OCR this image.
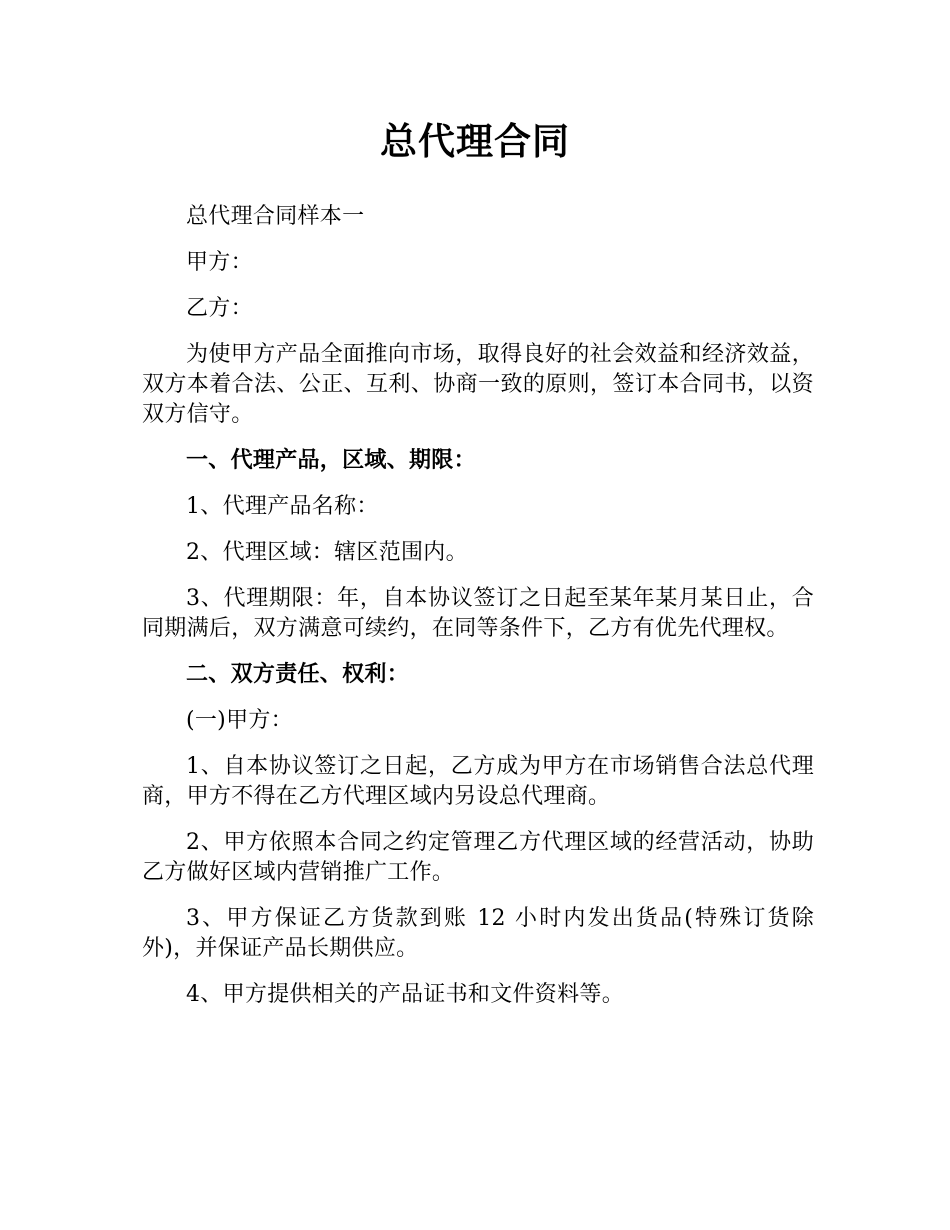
总代理合同

总代理合同样本一

甲方：

乙方：

为使甲方产品全面推向市场，取得良好的社会效益和经济效益，双方本着合法、公正、互利、协商一致的原则，签订本合同书，以资双方信守。

一、代理产品，区域、期限：

1、代理产品名称：

2、代理区域：辖区范围内。

3、代理期限：年，自本协议签订之日起至某年某月某日止，合同期满后，双方满意可续约，在同等条件下，乙方有优先代理权。

二、双方责任、权利：

(一)甲方：

1、自本协议签订之日起，乙方成为甲方在市场销售合法总代理商，甲方不得在乙方代理区域内另设总代理商。

2、甲方依照本合同之约定管理乙方代理区域的经营活动，协助乙方做好区域内营销推广工作。

3、甲方保证乙方货款到账 12 小时内发出货品(特殊订货除外)，并保证产品长期供应。

4、甲方提供相关的产品证书和文件资料等。
